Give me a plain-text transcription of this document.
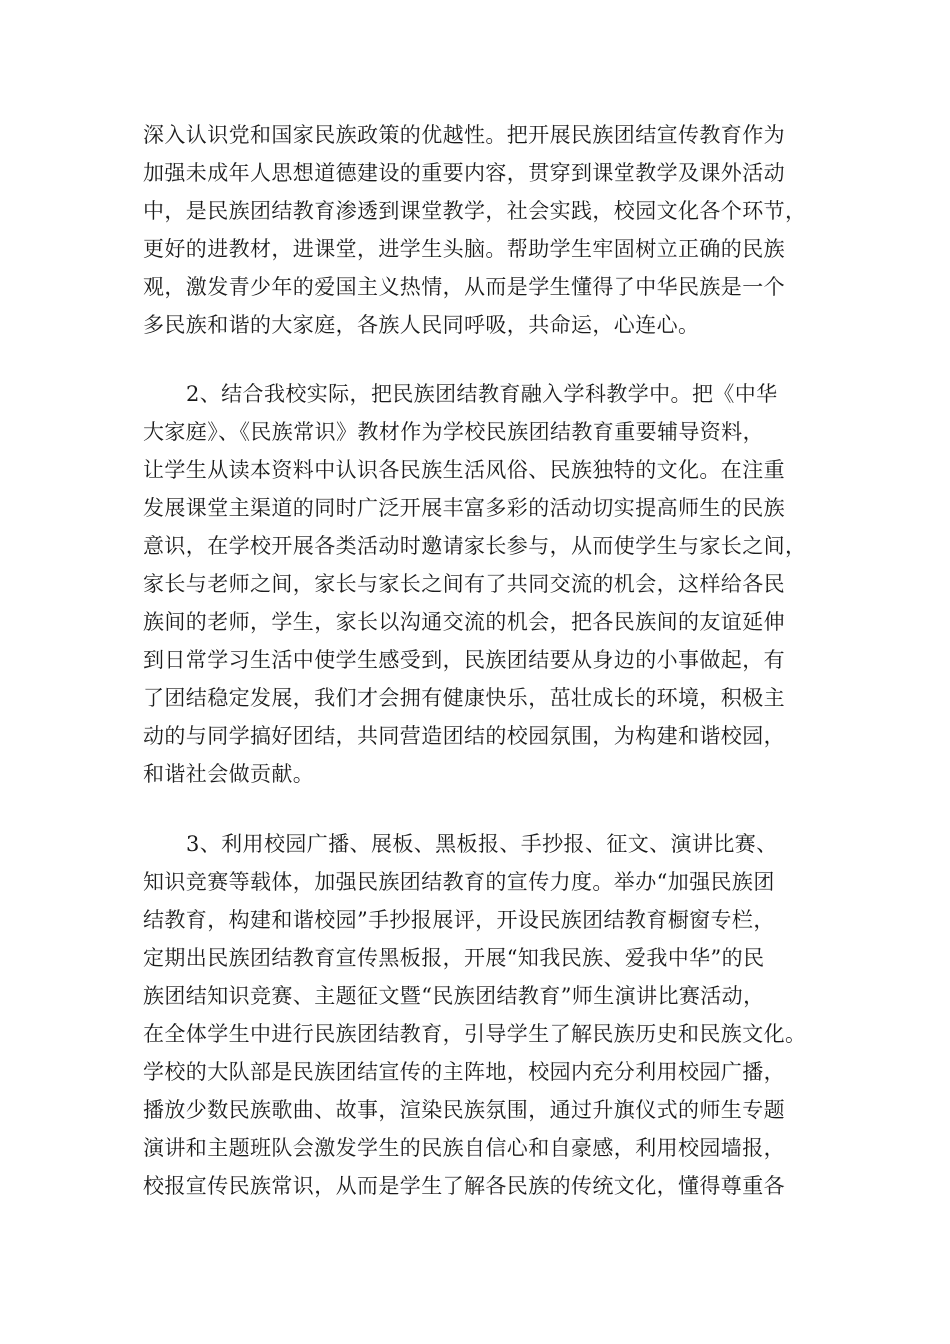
深入认识党和国家民族政策的优越性。把开展民族团结宣传教育作为
加强未成年人思想道德建设的重要内容，贯穿到课堂教学及课外活动
中，是民族团结教育渗透到课堂教学，社会实践，校园文化各个环节，
更好的进教材，进课堂，进学生头脑。帮助学生牢固树立正确的民族
观，激发青少年的爱国主义热情，从而是学生懂得了中华民族是一个
多民族和谐的大家庭，各族人民同呼吸，共命运，心连心。
2、结合我校实际，把民族团结教育融入学科教学中。把《中华
大家庭》、《民族常识》教材作为学校民族团结教育重要辅导资料，
让学生从读本资料中认识各民族生活风俗、民族独特的文化。在注重
发展课堂主渠道的同时广泛开展丰富多彩的活动切实提高师生的民族
意识，在学校开展各类活动时邀请家长参与，从而使学生与家长之间，
家长与老师之间，家长与家长之间有了共同交流的机会，这样给各民
族间的老师，学生，家长以沟通交流的机会，把各民族间的友谊延伸
到日常学习生活中使学生感受到，民族团结要从身边的小事做起，有
了团结稳定发展，我们才会拥有健康快乐，茁壮成长的环境，积极主
动的与同学搞好团结，共同营造团结的校园氛围，为构建和谐校园，
和谐社会做贡献。
3、利用校园广播、展板、黑板报、手抄报、征文、演讲比赛、
知识竞赛等载体，加强民族团结教育的宣传力度。举办“加强民族团
结教育，构建和谐校园”手抄报展评，开设民族团结教育橱窗专栏，
定期出民族团结教育宣传黑板报，开展“知我民族、爱我中华”的民
族团结知识竞赛、主题征文暨“民族团结教育”师生演讲比赛活动，
在全体学生中进行民族团结教育，引导学生了解民族历史和民族文化。
学校的大队部是民族团结宣传的主阵地，校园内充分利用校园广播，
播放少数民族歌曲、故事，渲染民族氛围，通过升旗仪式的师生专题
演讲和主题班队会激发学生的民族自信心和自豪感，利用校园墙报，
校报宣传民族常识，从而是学生了解各民族的传统文化，懂得尊重各
